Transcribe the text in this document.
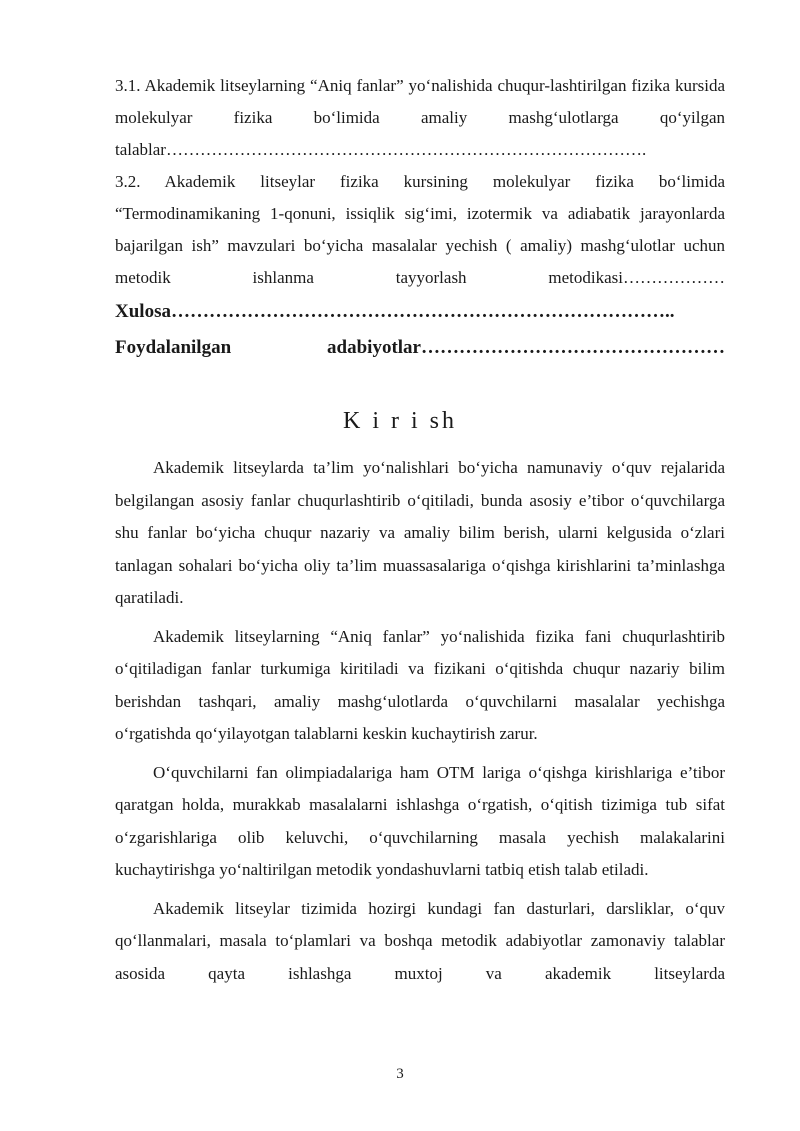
3.1. Akademik litseylarning “Aniq fanlar” yo‘nalishida chuqur-lashtirilgan fizika kursida molekulyar fizika bo‘limida amaliy mashg‘ulotlarga qo‘yilgan talablar………………………………………………………………………….

3.2. Akademik litseylar fizika kursining molekulyar fizika bo‘limida “Termodinamikaning 1-qonuni, issiqlik sig‘imi, izotermik va adiabatik jarayonlarda bajarilgan ish” mavzulari bo‘yicha masalalar yechish ( amaliy) mashg‘ulotlar uchun metodik ishlanma tayyorlash metodikasi………………

Xulosa……………………………………………………………………..

Foydalanilgan adabiyotlar…………………………………………

K i r i sh

Akademik litseylarda ta’lim yo‘nalishlari bo‘yicha namunaviy o‘quv rejalarida belgilangan asosiy fanlar chuqurlashtirib o‘qitiladi, bunda asosiy e’tibor o‘quvchilarga shu fanlar bo‘yicha chuqur nazariy va amaliy bilim berish, ularni kelgusida o‘zlari tanlagan sohalari bo‘yicha oliy ta’lim muassasalariga o‘qishga kirishlarini ta’minlashga qaratiladi.

Akademik litseylarning “Aniq fanlar” yo‘nalishida fizika fani chuqurlashtirib o‘qitiladigan fanlar turkumiga kiritiladi va fizikani o‘qitishda chuqur nazariy bilim berishdan tashqari, amaliy mashg‘ulotlarda o‘quvchilarni masalalar yechishga o‘rgatishda qo‘yilayotgan talablarni keskin kuchaytirish zarur.

O‘quvchilarni fan olimpiadalariga ham OTM lariga o‘qishga kirishlariga e’tibor qaratgan holda, murakkab masalalarni ishlashga o‘rgatish, o‘qitish tizimiga tub sifat o‘zgarishlariga olib keluvchi, o‘quvchilarning masala yechish malakalarini kuchaytirishga yo‘naltirilgan metodik yondashuvlarni tatbiq etish talab etiladi.

Akademik litseylar tizimida hozirgi kundagi fan dasturlari, darsliklar, o‘quv qo‘llanmalari, masala to‘plamlari va boshqa metodik adabiyotlar zamonaviy talablar asosida qayta ishlashga muxtoj va akademik litseylarda

3
